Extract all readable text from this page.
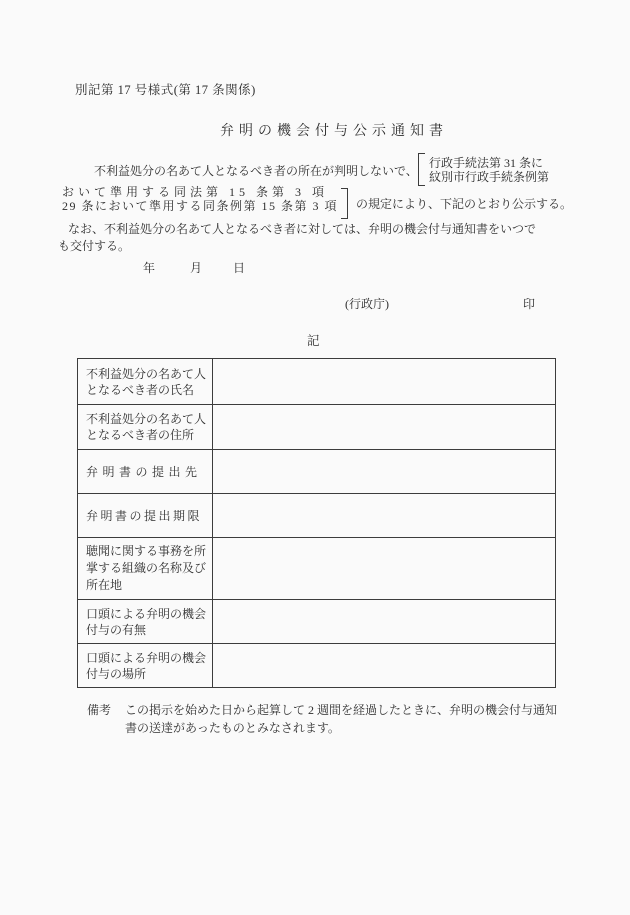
別記第 17 号様式(第 17 条関係)
弁明の機会付与公示通知書
不利益処分の名あて人となるべき者の所在が判明しないで、
行政手続法第 31 条に
紋別市行政手続条例第
おいて準用する同法第 15 条第 3 項
29 条において準用する同条例第 15 条第 3 項 の規定により、下記のとおり公示する。
なお、不利益処分の名あて人となるべき者に対しては、弁明の機会付与通知書をいつで
も交付する。
年	月	日
(行政庁)	印
記
不利益処分の名あて人となるべき者の氏名
不利益処分の名あて人となるべき者の住所
弁明書の提出先
弁明書の提出期限
聴聞に関する事務を所掌する組織の名称及び所在地
口頭による弁明の機会付与の有無
口頭による弁明の機会付与の場所
備考 この掲示を始めた日から起算して 2 週間を経過したときに、弁明の機会付与通知
書の送達があったものとみなされます。
